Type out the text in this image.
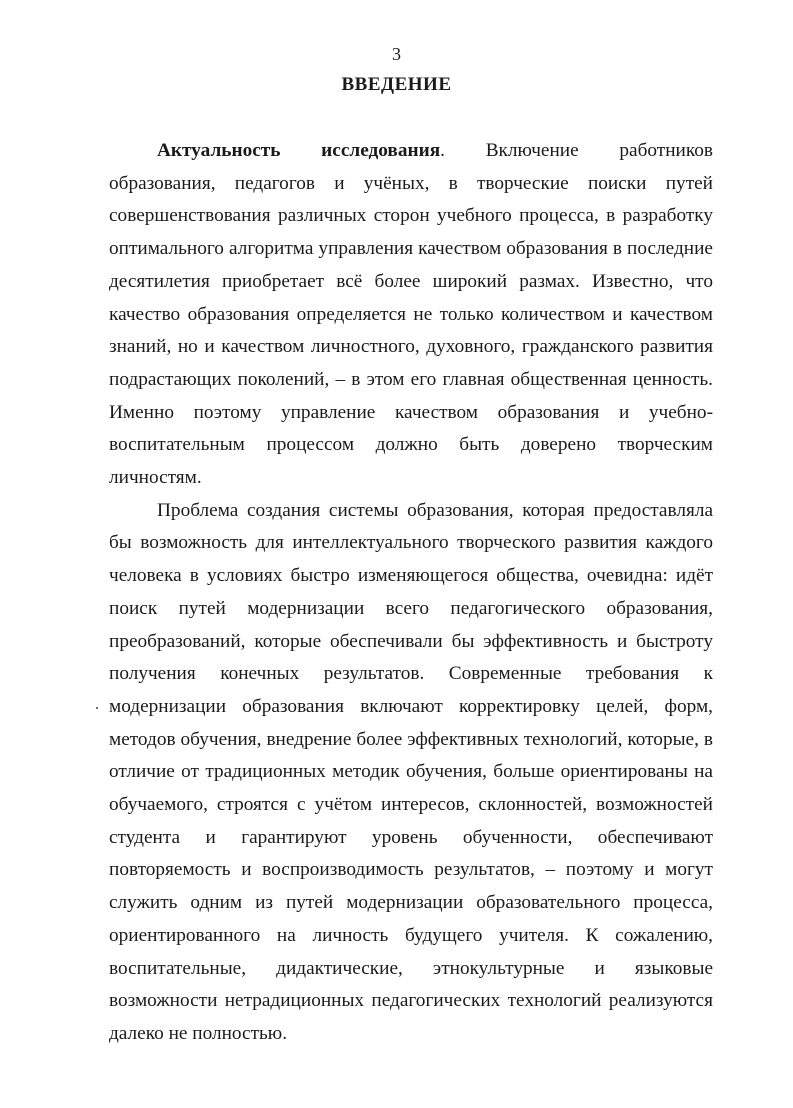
3
ВВЕДЕНИЕ

Актуальность исследования. Включение работников образования, педагогов и учёных, в творческие поиски путей совершенствования различных сторон учебного процесса, в разработку оптимального алгоритма управления качеством образования в последние десятилетия приобретает всё более широкий размах. Известно, что качество образования определяется не только количеством и качеством знаний, но и качеством личностного, духовного, гражданского развития подрастающих поколений, – в этом его главная общественная ценность. Именно поэтому управление качеством образования и учебно-воспитательным процессом должно быть доверено творческим личностям.

Проблема создания системы образования, которая предоставляла бы возможность для интеллектуального творческого развития каждого человека в условиях быстро изменяющегося общества, очевидна: идёт поиск путей модернизации всего педагогического образования, преобразований, которые обеспечивали бы эффективность и быстроту получения конечных результатов. Современные требования к модернизации образования включают корректировку целей, форм, методов обучения, внедрение более эффективных технологий, которые, в отличие от традиционных методик обучения, больше ориентированы на обучаемого, строятся с учётом интересов, склонностей, возможностей студента и гарантируют уровень обученности, обеспечивают повторяемость и воспроизводимость результатов, – поэтому и могут служить одним из путей модернизации образовательного процесса, ориентированного на личность будущего учителя. К сожалению, воспитательные, дидактические, этнокультурные и языковые возможности нетрадиционных педагогических технологий реализуются далеко не полностью.
